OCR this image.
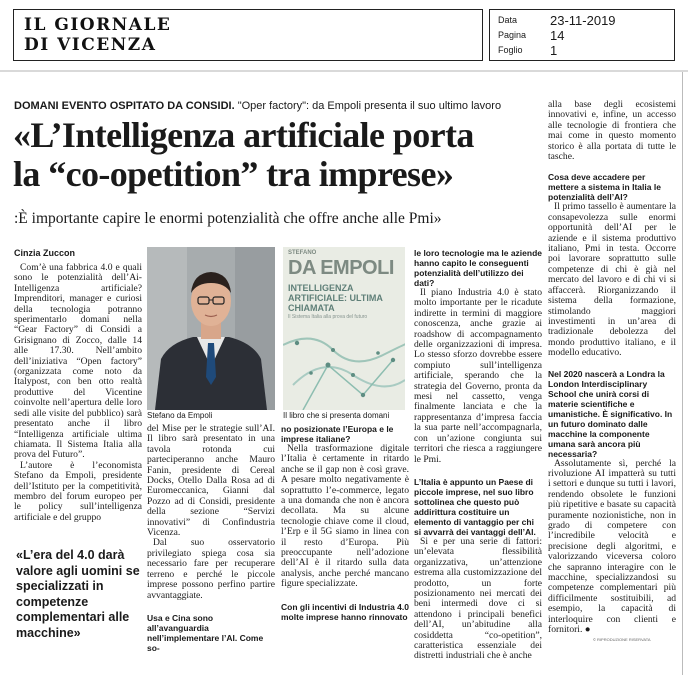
IL GIORNALE
DI VICENZA
Data	23-11-2019
Pagina 14
Foglio 1
DOMANI EVENTO OSPITATO DA CONSIDI. "Oper factory": da Empoli presenta il suo ultimo lavoro
«L’Intelligenza artificiale porta
la “co-opetition” tra imprese»
:È importante capire le enormi potenzialità che offre anche alle Pmi»
Cinzia Zuccon

Com’è una fabbrica 4.0 e quali sono le potenzialità dell’Ai-Intelligenza artificiale? Imprenditori, manager e curiosi della tecnologia potranno sperimentarlo domani nella “Gear Factory” di Considi a Grisignano di Zocco, dalle 14 alle 17.30. Nell’ambito dell’iniziativa “Open factory” (organizzata come noto da Italypost, con ben otto realtà produttive del Vicentine coinvolte nell’apertura delle loro sedi alle visite del pubblico) sarà presentato anche il libro “Intelligenza artificiale ultima chiamata. Il Sistema Italia alla prova del Futuro”.

L’autore è l’economista Stefano da Empoli, presidente dell’Istituto per la competitività, membro del forum europeo per le policy sull’intelligenza artificiale e del gruppo

«L’era del 4.0 darà valore agli uomini se specializzati in competenze complementari alle macchine»
Stefano da Empoli
STEFANO
DA EMPOLI
INTELLIGENZA ARTIFICIALE: ULTIMA CHIAMATA
Il Sistema Italia alla prova del futuro
Il libro che si presenta domani

del Mise per le strategie sull’AI. Il libro sarà presentato in una tavola rotonda cui parteciperanno anche Mauro Fanin, presidente di Cereal Docks, Otello Dalla Rosa ad di Euromeccanica, Gianni dal Pozzo ad di Considi, presidente della sezione “Servizi innovativi” di Confindustria Vicenza.

Dal suo osservatorio privilegiato spiega cosa sia necessario fare per recuperare terreno e perché le piccole imprese possono perfino partire avvantaggiate.

Usa e Cina sono all’avanguardia nell’implementare l’AI. Come so-

no posizionate l’Europa e le imprese italiane?

Nella trasformazione digitale l’Italia è certamente in ritardo anche se il gap non è così grave. A pesare molto negativamente è soprattutto l’e-commerce, legato a una domanda che non è ancora decollata. Ma su alcune tecnologie chiave come il cloud, l’Erp e il 5G siamo in linea con il resto d’Europa. Più preoccupante nell’adozione dell’AI è il ritardo sulla data analysis, anche perché mancano figure specializzate.

Con gli incentivi di Industria 4.0 molte imprese hanno rinnovato

le loro tecnologie ma le aziende hanno capito le conseguenti potenzialità dell’utilizzo dei dati?

Il piano Industria 4.0 è stato molto importante per le ricadute indirette in termini di maggiore conoscenza, anche grazie ai roadshow di accompagnamento delle organizzazioni di impresa. Lo stesso sforzo dovrebbe essere compiuto sull’intelligenza artificiale, sperando che la strategia del Governo, pronta da mesi nel cassetto, venga finalmente lanciata e che la rappresentanza d’impresa faccia la sua parte nell’accompagnarla, con un’azione congiunta sui territori che riesca a raggiungere le Pmi.

L’Italia è appunto un Paese di piccole imprese, nel suo libro sottolinea che questo può addirittura costituire un elemento di vantaggio per chi si avvarrà dei vantaggi dell’AI.

Si e per una serie di fattori: un’elevata flessibilità organizzativa, un’attenzione estrema alla customizzazione del prodotto, un forte posizionamento nei mercati dei beni intermedi dove ci si attendono i principali benefici dell’AI, un’abitudine alla cosiddetta “co-opetition”, caratteristica essenziale dei distretti industriali che è anche

alla base degli ecosistemi innovativi e, infine, un accesso alle tecnologie di frontiera che mai come in questo momento storico è alla portata di tutte le tasche.

Cosa deve accadere per mettere a sistema in Italia le potenzialità dell’AI?

Il primo tassello è aumentare la consapevolezza sulle enormi opportunità dell’AI per le aziende e il sistema produttivo italiano, Pmi in testa. Occorre poi lavorare soprattutto sulle competenze di chi è già nel mercato del lavoro e di chi vi si affaccerà. Riorganizzando il sistema della formazione, stimolando maggiori investimenti in un’area di tradizionale debolezza del mondo produttivo italiano, e il modello educativo.

Nel 2020 nascerà a Londra la London Interdisciplinary School che unirà corsi di materie scientifiche e umanistiche. È significativo. In un futuro dominato dalle macchine la componente umana sarà ancora più necessaria?

Assolutamente sì, perché la rivoluzione AI impatterà su tutti i settori e dunque su tutti i lavori, rendendo obsolete le funzioni più ripetitive e basate su capacità puramente nozionistiche, non in grado di competere con l’incredibile velocità e precisione degli algoritmi, e valorizzando viceversa coloro che sapranno interagire con le macchine, specializzandosi su competenze complementari più difficilmente sostituibili, ad esempio, la capacità di interloquire con clienti e fornitori. ●

© RIPRODUZIONE RISERVATA
